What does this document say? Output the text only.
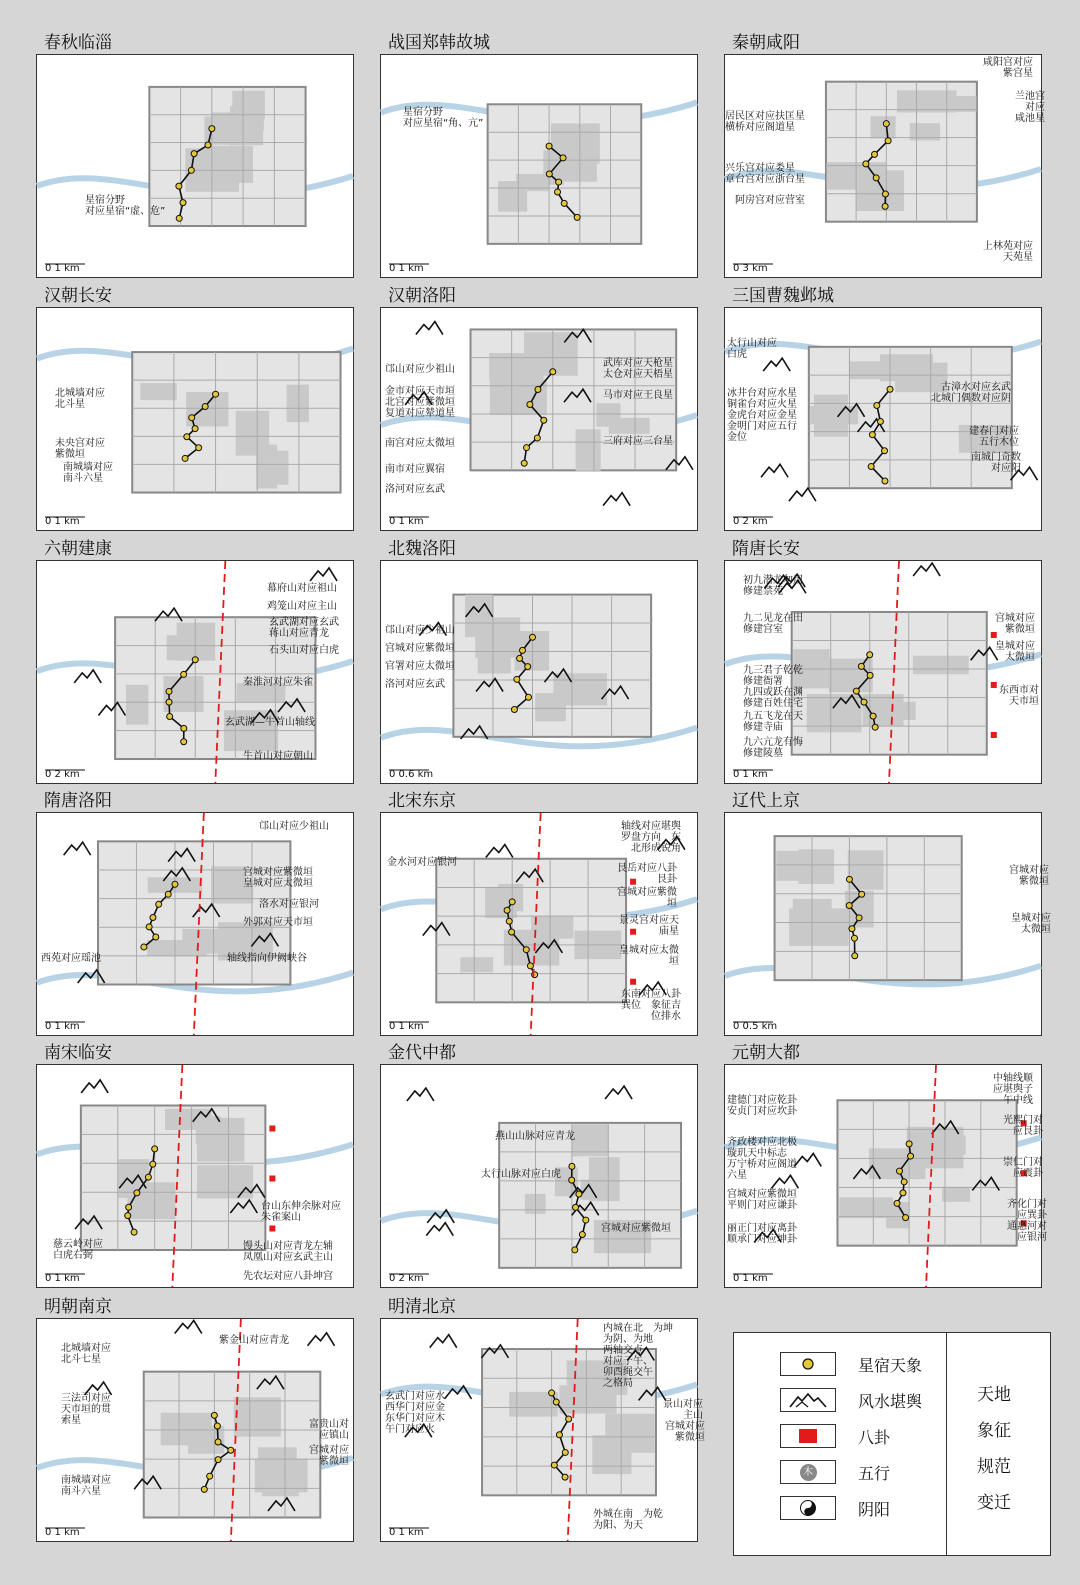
春秋临淄
星宿分野
对应星宿“虚、危”
0 1 km
战国郑韩故城
星宿分野
对应星宿“角、亢”
0 1 km
秦朝咸阳
咸阳宫对应
紫宫星
兰池宫
对应
咸池星
居民区对应扶匡星
横桥对应阁道星
兴乐宫对应娄星
章台宫对应浙台星
阿房宫对应营室
上林苑对应
天苑星
0 3 km
汉朝长安
北城墙对应
北斗星
未央宫对应
紫微垣
南城墙对应
南斗六星
0 1 km
汉朝洛阳
邙山对应少祖山
金市对应天市垣
北宫对应紫微垣
复道对应辇道星
南宫对应太微垣
南市对应翼宿
洛河对应玄武
武库对应天枪星
太仓对应天梧星
马市对应王良星
三府对应三台星
0 1 km
三国曹魏邺城
太行山对应
白虎
冰井台对应水星
铜雀台对应火星
金虎台对应金星
金明门对应五行
金位
古漳水对应玄武
北城门偶数对应阴
建春门对应
五行木位
南城门奇数
对应阳
0 2 km
六朝建康
幕府山对应祖山
鸡笼山对应主山
玄武湖对应玄武
蒋山对应青龙
石头山对应白虎
秦淮河对应朱雀
玄武湖—牛首山轴线
牛首山对应朝山
0 2 km
北魏洛阳
邙山对应少祖山
宫城对应紫微垣
官署对应太微垣
洛河对应玄武
0 0.6 km
隋唐长安
初九潜龙勿用
修建禁苑
九二见龙在田
修建宫室
九三君子乾乾
修建衙署
九四或跃在渊
修建百姓住宅
九五飞龙在天
修建寺庙
九六亢龙有悔
修建陵墓
宫城对应
紫微垣
皇城对应
太微垣
东西市对
天市垣
0 1 km
隋唐洛阳
邙山对应少祖山
宫城对应紫微垣
皇城对应太微垣
洛水对应银河
外郭对应天市垣
西苑对应瑶池	轴线指向伊阙峡谷
0 1 km
北宋东京
金水河对应银河
轴线对应堪舆
罗盘方向　东
北形成锐角
艮岳对应八卦
艮卦
宫城对应紫微
垣
景灵宫对应天
庙星
皇城对应太微
垣
东南对应八卦
巽位　象征吉
位排水
0 1 km
辽代上京
宫城对应
紫微垣
皇城对应
太微垣
0 0.5 km
南宋临安
台山东伸余脉对应
朱雀案山
慈云岭对应
白虎右弼
馒头山对应青龙左辅
凤凰山对应玄武主山
先农坛对应八卦坤宫
0 1 km
金代中都
燕山山脉对应青龙
太行山脉对应白虎
宫城对应紫微垣
0 2 km
元朝大都
建德门对应乾卦
安贞门对应坎卦
齐政楼对应北极
璇玑天中标志
万宁桥对应阁道
六星
宫城对应紫微垣
平则门对应谦卦
丽正门对应离卦
顺承门对应坤卦
中轴线顺
应堪舆子
午中线
光熙门对
应艮卦
崇仁门对
应震卦
齐化门对
应巽卦
通惠河对
应银河
0 1 km
明朝南京
北城墙对应
北斗七星
紫金山对应青龙
三法司对应
天市垣的贯
索星	富贵山对
应镇山
宫城对应
紫微垣
南城墙对应
南斗六星
0 1 km
明清北京
内城在北　为坤
为阴、为地
两轴交点
对应子午、
卯酉绳交午
之格局
景山对应
主山
宫城对应
紫微垣
玄武门对应水
西华门对应金
东华门对应木
午门对应火
外城在南　为乾
为阳、为天
0 1 km
星宿天象
风水堪舆
八卦
木	五行
阴阳
天地象征规范变迁
